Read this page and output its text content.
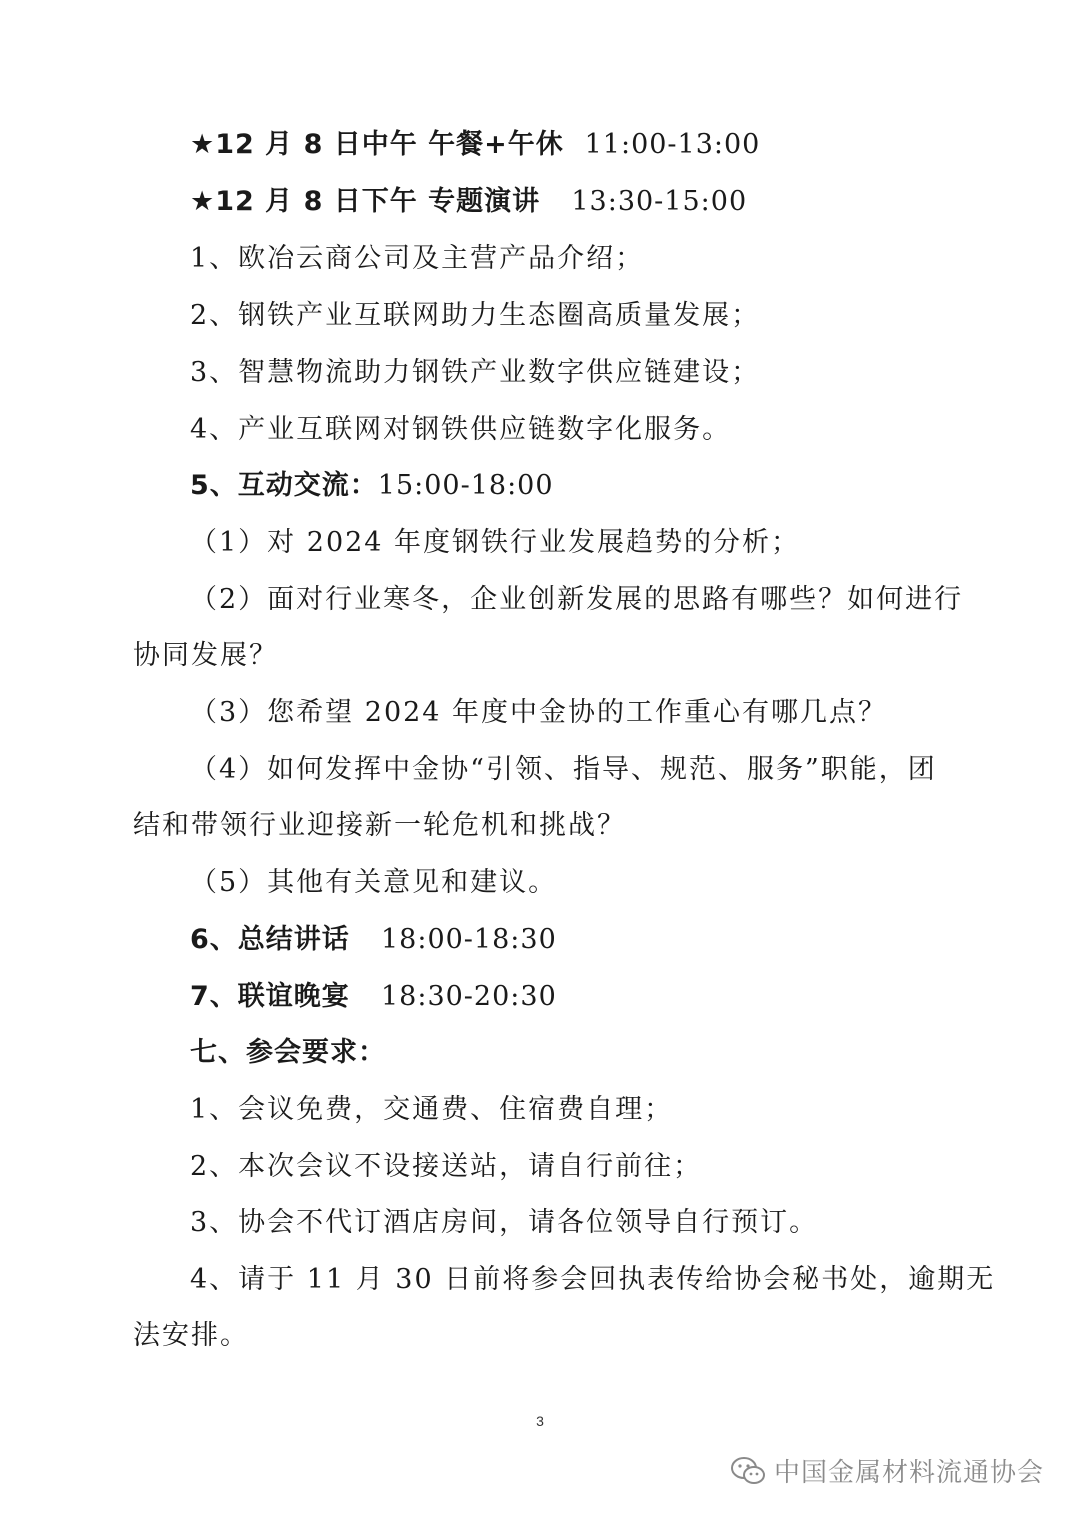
★12 月 8 日中午 午餐+午休 11:00-13:00
★12 月 8 日下午 专题演讲 13:30-15:00
1、欧冶云商公司及主营产品介绍；
2、钢铁产业互联网助力生态圈高质量发展；
3、智慧物流助力钢铁产业数字供应链建设；
4、产业互联网对钢铁供应链数字化服务。
5、互动交流：15:00-18:00
（1）对 2024 年度钢铁行业发展趋势的分析；
（2）面对行业寒冬，企业创新发展的思路有哪些？如何进行
协同发展？
（3）您希望 2024 年度中金协的工作重心有哪几点？
（4）如何发挥中金协“引领、指导、规范、服务”职能，团
结和带领行业迎接新一轮危机和挑战？
（5）其他有关意见和建议。
6、总结讲话 18:00-18:30
7、联谊晚宴 18:30-20:30
七、参会要求：
1、会议免费，交通费、住宿费自理；
2、本次会议不设接送站，请自行前往；
3、协会不代订酒店房间，请各位领导自行预订。
4、请于 11 月 30 日前将参会回执表传给协会秘书处，逾期无
法安排。
3
中国金属材料流通协会
